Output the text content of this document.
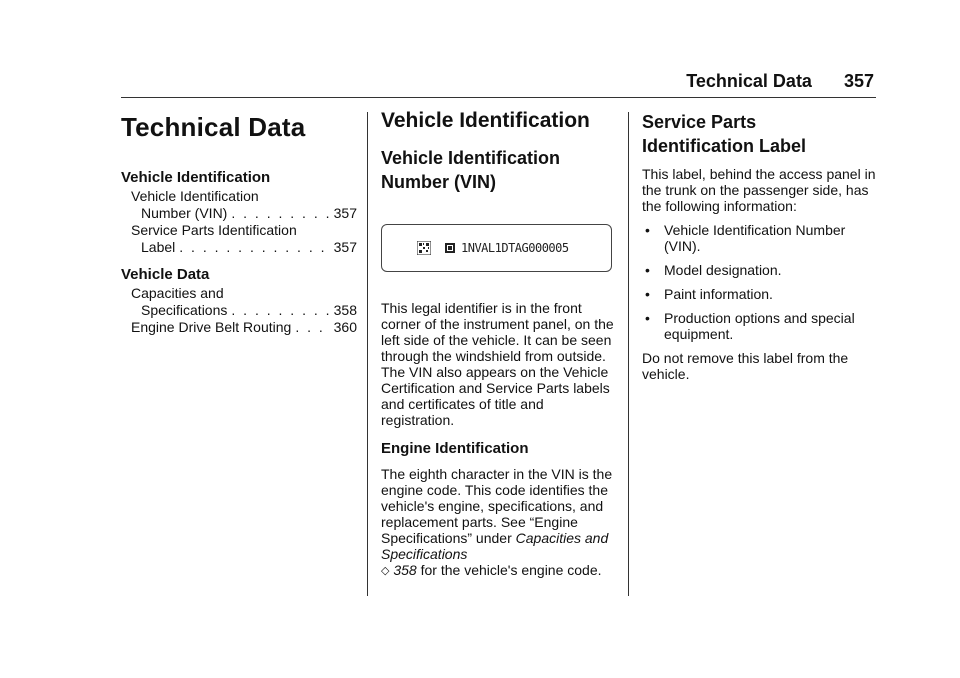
Technical Data 357
Technical Data
Vehicle Identification
Vehicle Identification
Number (VIN) . . .	357
Service Parts Identification
Label . . .	357
Vehicle Data
Capacities and
Specifications . . .	358
Engine Drive Belt Routing . . .	360
Vehicle Identification
Vehicle Identification
Number (VIN)
1NVAL1DTAG000005

This legal identifier is in the front corner of the instrument panel, on the left side of the vehicle. It can be seen through the windshield from outside. The VIN also appears on the Vehicle Certification and Service Parts labels and certificates of title and registration.

Engine Identification

The eighth character in the VIN is the engine code. This code identifies the vehicle's engine, specifications, and replacement parts. See “Engine Specifications” under Capacities and Specifications
◇ 358 for the vehicle's engine code.

Service Parts
Identification Label

This label, behind the access panel in the trunk on the passenger side, has the following information:

• Vehicle Identification Number (VIN).
• Model designation.
• Paint information.
• Production options and special equipment.

Do not remove this label from the vehicle.
